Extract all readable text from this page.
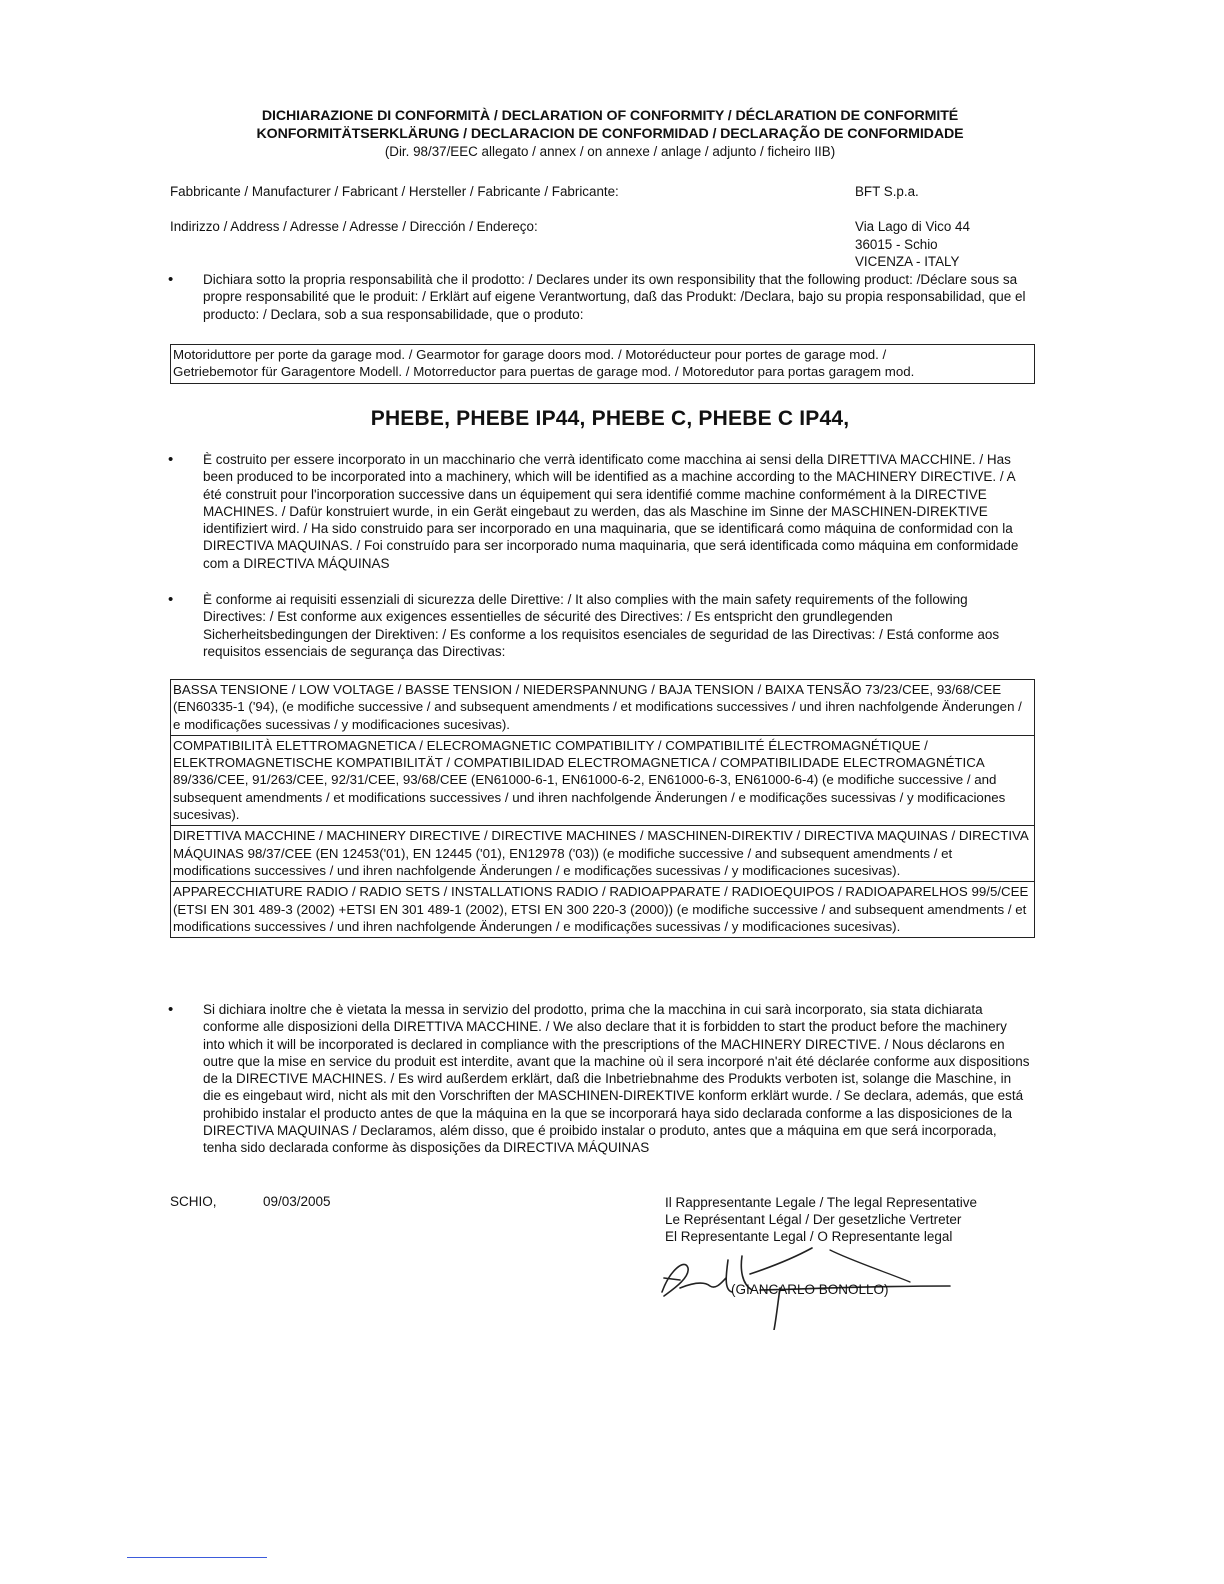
DICHIARAZIONE DI CONFORMITÀ / DECLARATION OF CONFORMITY / DÉCLARATION DE CONFORMITÉ
KONFORMITÄTSERKLÄRUNG / DECLARACION DE CONFORMIDAD / DECLARAÇÃO DE CONFORMIDADE
(Dir. 98/37/EEC allegato / annex / on annexe / anlage / adjunto / ficheiro IIB)
Fabbricante / Manufacturer / Fabricant / Hersteller / Fabricante / Fabricante:	BFT S.p.a.
Indirizzo / Address / Adresse / Adresse / Dirección / Endereço:	Via Lago di Vico 44
36015 - Schio
VICENZA - ITALY
•
Dichiara sotto la propria responsabilità che il prodotto: / Declares under its own responsibility that the following product: /Déclare sous sa propre responsabilité que le produit: / Erklärt auf eigene Verantwortung, daß das Produkt: /Declara, bajo su propia responsabilidad, que el producto: / Declara, sob a sua responsabilidade, que o produto:
Motoriduttore per porte da garage mod. / Gearmotor for garage doors mod. / Motoréducteur pour portes de garage mod. /
Getriebemotor für Garagentore Modell. / Motorreductor para puertas de garage mod. / Motoredutor para portas garagem mod.
PHEBE, PHEBE IP44, PHEBE C, PHEBE C IP44,
•
È costruito per essere incorporato in un macchinario che verrà identificato come macchina ai sensi della DIRETTIVA MACCHINE. / Has been produced to be incorporated into a machinery, which will be identified as a machine according to the MACHINERY DIRECTIVE. / A été construit pour l'incorporation successive dans un équipement qui sera identifié comme machine conformément à la DIRECTIVE MACHINES. / Dafür konstruiert wurde, in ein Gerät eingebaut zu werden, das als Maschine im Sinne der MASCHINEN-DIREKTIVE identifiziert wird. / Ha sido construido para ser incorporado en una maquinaria, que se identificará como máquina de conformidad con la DIRECTIVA MAQUINAS. / Foi construído para ser incorporado numa maquinaria, que será identificada como máquina em conformidade com a DIRECTIVA MÁQUINAS
•
È conforme ai requisiti essenziali di sicurezza delle Direttive: / It also complies with the main safety requirements of the following Directives: / Est conforme aux exigences essentielles de sécurité des Directives: / Es entspricht den grundlegenden Sicherheitsbedingungen der Direktiven: / Es conforme a los requisitos esenciales de seguridad de las Directivas: / Está conforme aos requisitos essenciais de segurança das Directivas:
BASSA TENSIONE / LOW VOLTAGE / BASSE TENSION / NIEDERSPANNUNG / BAJA TENSION / BAIXA TENSÃO 73/23/CEE, 93/68/CEE (EN60335-1 ('94), (e modifiche successive / and subsequent amendments / et modifications successives / und ihren nachfolgende Änderungen / e modificações sucessivas / y modificaciones sucesivas).
COMPATIBILITÀ ELETTROMAGNETICA / ELECROMAGNETIC COMPATIBILITY / COMPATIBILITÉ ÉLECTROMAGNÉTIQUE / ELEKTROMAGNETISCHE KOMPATIBILITÄT / COMPATIBILIDAD ELECTROMAGNETICA / COMPATIBILIDADE ELECTROMAGNÉTICA 89/336/CEE, 91/263/CEE, 92/31/CEE, 93/68/CEE (EN61000-6-1, EN61000-6-2, EN61000-6-3, EN61000-6-4) (e modifiche successive / and subsequent amendments / et modifications successives / und ihren nachfolgende Änderungen / e modificações sucessivas / y modificaciones sucesivas).
DIRETTIVA MACCHINE / MACHINERY DIRECTIVE / DIRECTIVE MACHINES / MASCHINEN-DIREKTIV / DIRECTIVA MAQUINAS / DIRECTIVA MÁQUINAS 98/37/CEE (EN 12453('01), EN 12445 ('01), EN12978 ('03)) (e modifiche successive / and subsequent amendments / et modifications successives / und ihren nachfolgende Änderungen / e modificações sucessivas / y modificaciones sucesivas).
APPARECCHIATURE RADIO / RADIO SETS / INSTALLATIONS RADIO / RADIOAPPARATE / RADIOEQUIPOS / RADIOAPARELHOS 99/5/CEE (ETSI EN 301 489-3 (2002) +ETSI EN 301 489-1 (2002), ETSI EN 300 220-3 (2000)) (e modifiche successive / and subsequent amendments / et modifications successives / und ihren nachfolgende Änderungen / e modificações sucessivas / y modificaciones sucesivas).
•
Si dichiara inoltre che è vietata la messa in servizio del prodotto, prima che la macchina in cui sarà incorporato, sia stata dichiarata conforme alle disposizioni della DIRETTIVA MACCHINE. / We also declare that it is forbidden to start the product before the machinery into which it will be incorporated is declared in compliance with the prescriptions of the MACHINERY DIRECTIVE. / Nous déclarons en outre que la mise en service du produit est interdite, avant que la machine où il sera incorporé n'ait été déclarée conforme aux dispositions de la DIRECTIVE MACHINES. / Es wird außerdem erklärt, daß die Inbetriebnahme des Produkts verboten ist, solange die Maschine, in die es eingebaut wird, nicht als mit den Vorschriften der MASCHINEN-DIREKTIVE konform erklärt wurde. / Se declara, además, que está prohibido instalar el producto antes de que la máquina en la que se incorporará haya sido declarada conforme a las disposiciones de la DIRECTIVA MAQUINAS / Declaramos, além disso, que é proibido instalar o produto, antes que a máquina em que será incorporada, tenha sido declarada conforme às disposições da DIRECTIVA MÁQUINAS
SCHIO,	09/03/2005	Il Rappresentante Legale / The legal Representative
Le Représentant Légal / Der gesetzliche Vertreter
El Representante Legal / O Representante legal
(GIANCARLO BONOLLO)
